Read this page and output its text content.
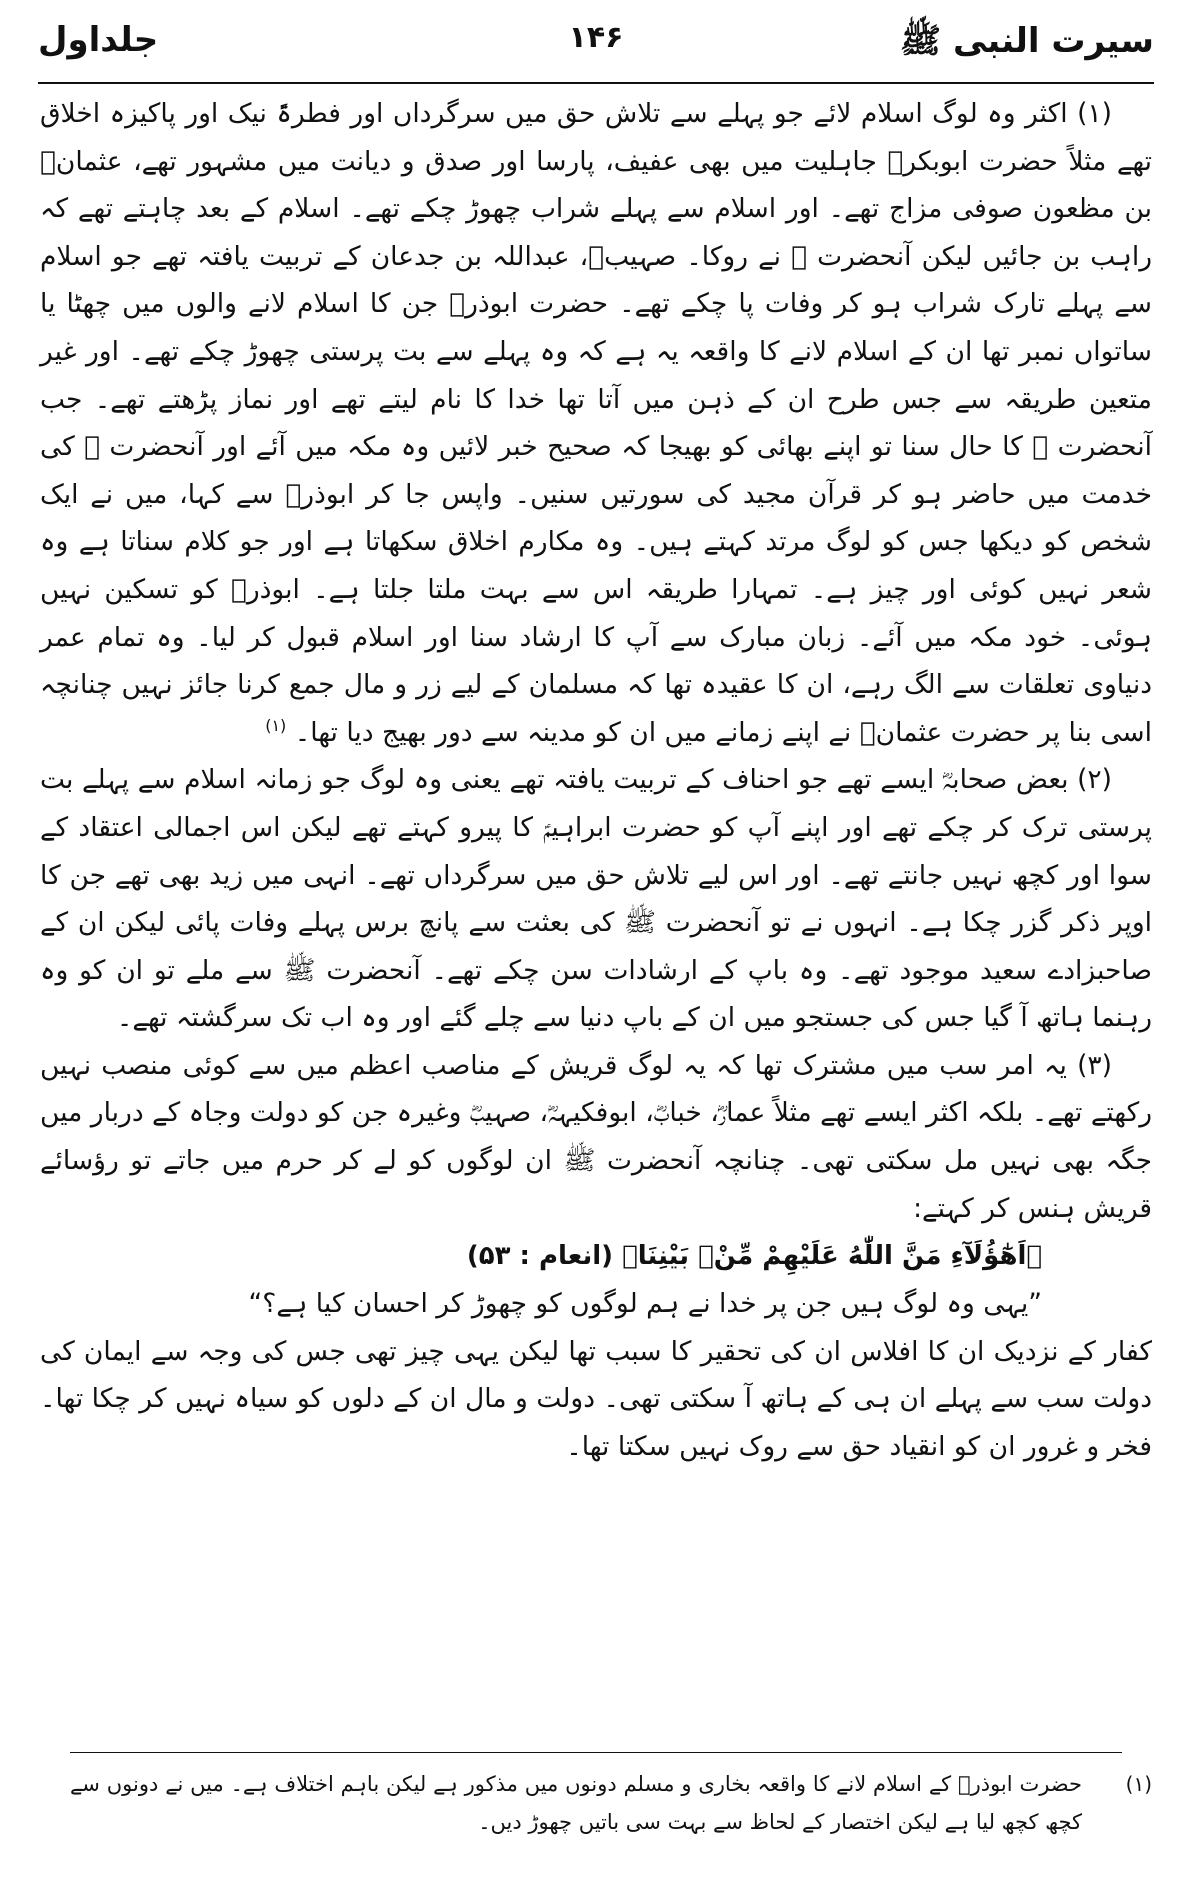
سیرت النبی ﷺ
۱۴۶
جلداول

(۱) اکثر وہ لوگ اسلام لائے جو پہلے سے تلاش حق میں سرگرداں اور فطرۃً نیک اور پاکیزہ اخلاق تھے مثلاً حضرت ابوبکرؓ جاہلیت میں بھی عفیف، پارسا اور صدق و دیانت میں مشہور تھے، عثمانؓ بن مظعون صوفی مزاج تھے۔ اور اسلام سے پہلے شراب چھوڑ چکے تھے۔ اسلام کے بعد چاہتے تھے کہ راہب بن جائیں لیکن آنحضرت ﷺ نے روکا۔ صہیبؓ، عبداللہ بن جدعان کے تربیت یافتہ تھے جو اسلام سے پہلے تارک شراب ہو کر وفات پا چکے تھے۔ حضرت ابوذرؓ جن کا اسلام لانے والوں میں چھٹا یا ساتواں نمبر تھا ان کے اسلام لانے کا واقعہ یہ ہے کہ وہ پہلے سے بت پرستی چھوڑ چکے تھے۔ اور غیر متعین طریقہ سے جس طرح ان کے ذہن میں آتا تھا خدا کا نام لیتے تھے اور نماز پڑھتے تھے۔ جب آنحضرت ﷺ کا حال سنا تو اپنے بھائی کو بھیجا کہ صحیح خبر لائیں وہ مکہ میں آئے اور آنحضرت ﷺ کی خدمت میں حاضر ہو کر قرآن مجید کی سورتیں سنیں۔ واپس جا کر ابوذرؓ سے کہا، میں نے ایک شخص کو دیکھا جس کو لوگ مرتد کہتے ہیں۔ وہ مکارم اخلاق سکھاتا ہے اور جو کلام سناتا ہے وہ شعر نہیں کوئی اور چیز ہے۔ تمہارا طریقہ اس سے بہت ملتا جلتا ہے۔ ابوذرؓ کو تسکین نہیں ہوئی۔ خود مکہ میں آئے۔ زبان مبارک سے آپ کا ارشاد سنا اور اسلام قبول کر لیا۔ وہ تمام عمر دنیاوی تعلقات سے الگ رہے، ان کا عقیدہ تھا کہ مسلمان کے لیے زر و مال جمع کرنا جائز نہیں چنانچہ اسی بنا پر حضرت عثمانؓ نے اپنے زمانے میں ان کو مدینہ سے دور بھیج دیا تھا۔ $^{(۱)}$

(۲) بعض صحابہؓ ایسے تھے جو احناف کے تربیت یافتہ تھے یعنی وہ لوگ جو زمانہ اسلام سے پہلے بت پرستی ترک کر چکے تھے اور اپنے آپ کو حضرت ابراہیمؑ کا پیرو کہتے تھے لیکن اس اجمالی اعتقاد کے سوا اور کچھ نہیں جانتے تھے۔ اور اس لیے تلاش حق میں سرگرداں تھے۔ انہی میں زید بھی تھے جن کا اوپر ذکر گزر چکا ہے۔ انہوں نے تو آنحضرت ﷺ کی بعثت سے پانچ برس پہلے وفات پائی لیکن ان کے صاحبزادے سعید موجود تھے۔ وہ باپ کے ارشادات سن چکے تھے۔ آنحضرت ﷺ سے ملے تو ان کو وہ رہنما ہاتھ آ گیا جس کی جستجو میں ان کے باپ دنیا سے چلے گئے اور وہ اب تک سرگشتہ تھے۔

(۳) یہ امر سب میں مشترک تھا کہ یہ لوگ قریش کے مناصب اعظم میں سے کوئی منصب نہیں رکھتے تھے۔ بلکہ اکثر ایسے تھے مثلاً عمارؓ، خبابؓ، ابوفکیہہؓ، صہیبؓ وغیرہ جن کو دولت وجاہ کے دربار میں جگہ بھی نہیں مل سکتی تھی۔ چنانچہ آنحضرت ﷺ ان لوگوں کو لے کر حرم میں جاتے تو رؤسائے قریش ہنس کر کہتے:

﴿اَهٰٓؤُلَآءِ مَنَّ اللّٰهُ عَلَيْهِمْ مِّنْۢ بَيْنِنَا﴾ (انعام : ۵۳)

”یہی وہ لوگ ہیں جن پر خدا نے ہم لوگوں کو چھوڑ کر احسان کیا ہے؟“

کفار کے نزدیک ان کا افلاس ان کی تحقیر کا سبب تھا لیکن یہی چیز تھی جس کی وجہ سے ایمان کی دولت سب سے پہلے ان ہی کے ہاتھ آ سکتی تھی۔ دولت و مال ان کے دلوں کو سیاہ نہیں کر چکا تھا۔ فخر و غرور ان کو انقیاد حق سے روک نہیں سکتا تھا۔

(۱)
حضرت ابوذرؓ کے اسلام لانے کا واقعہ بخاری و مسلم دونوں میں مذکور ہے لیکن باہم اختلاف ہے۔ میں نے دونوں سے کچھ کچھ لیا ہے لیکن اختصار کے لحاظ سے بہت سی باتیں چھوڑ دیں۔
